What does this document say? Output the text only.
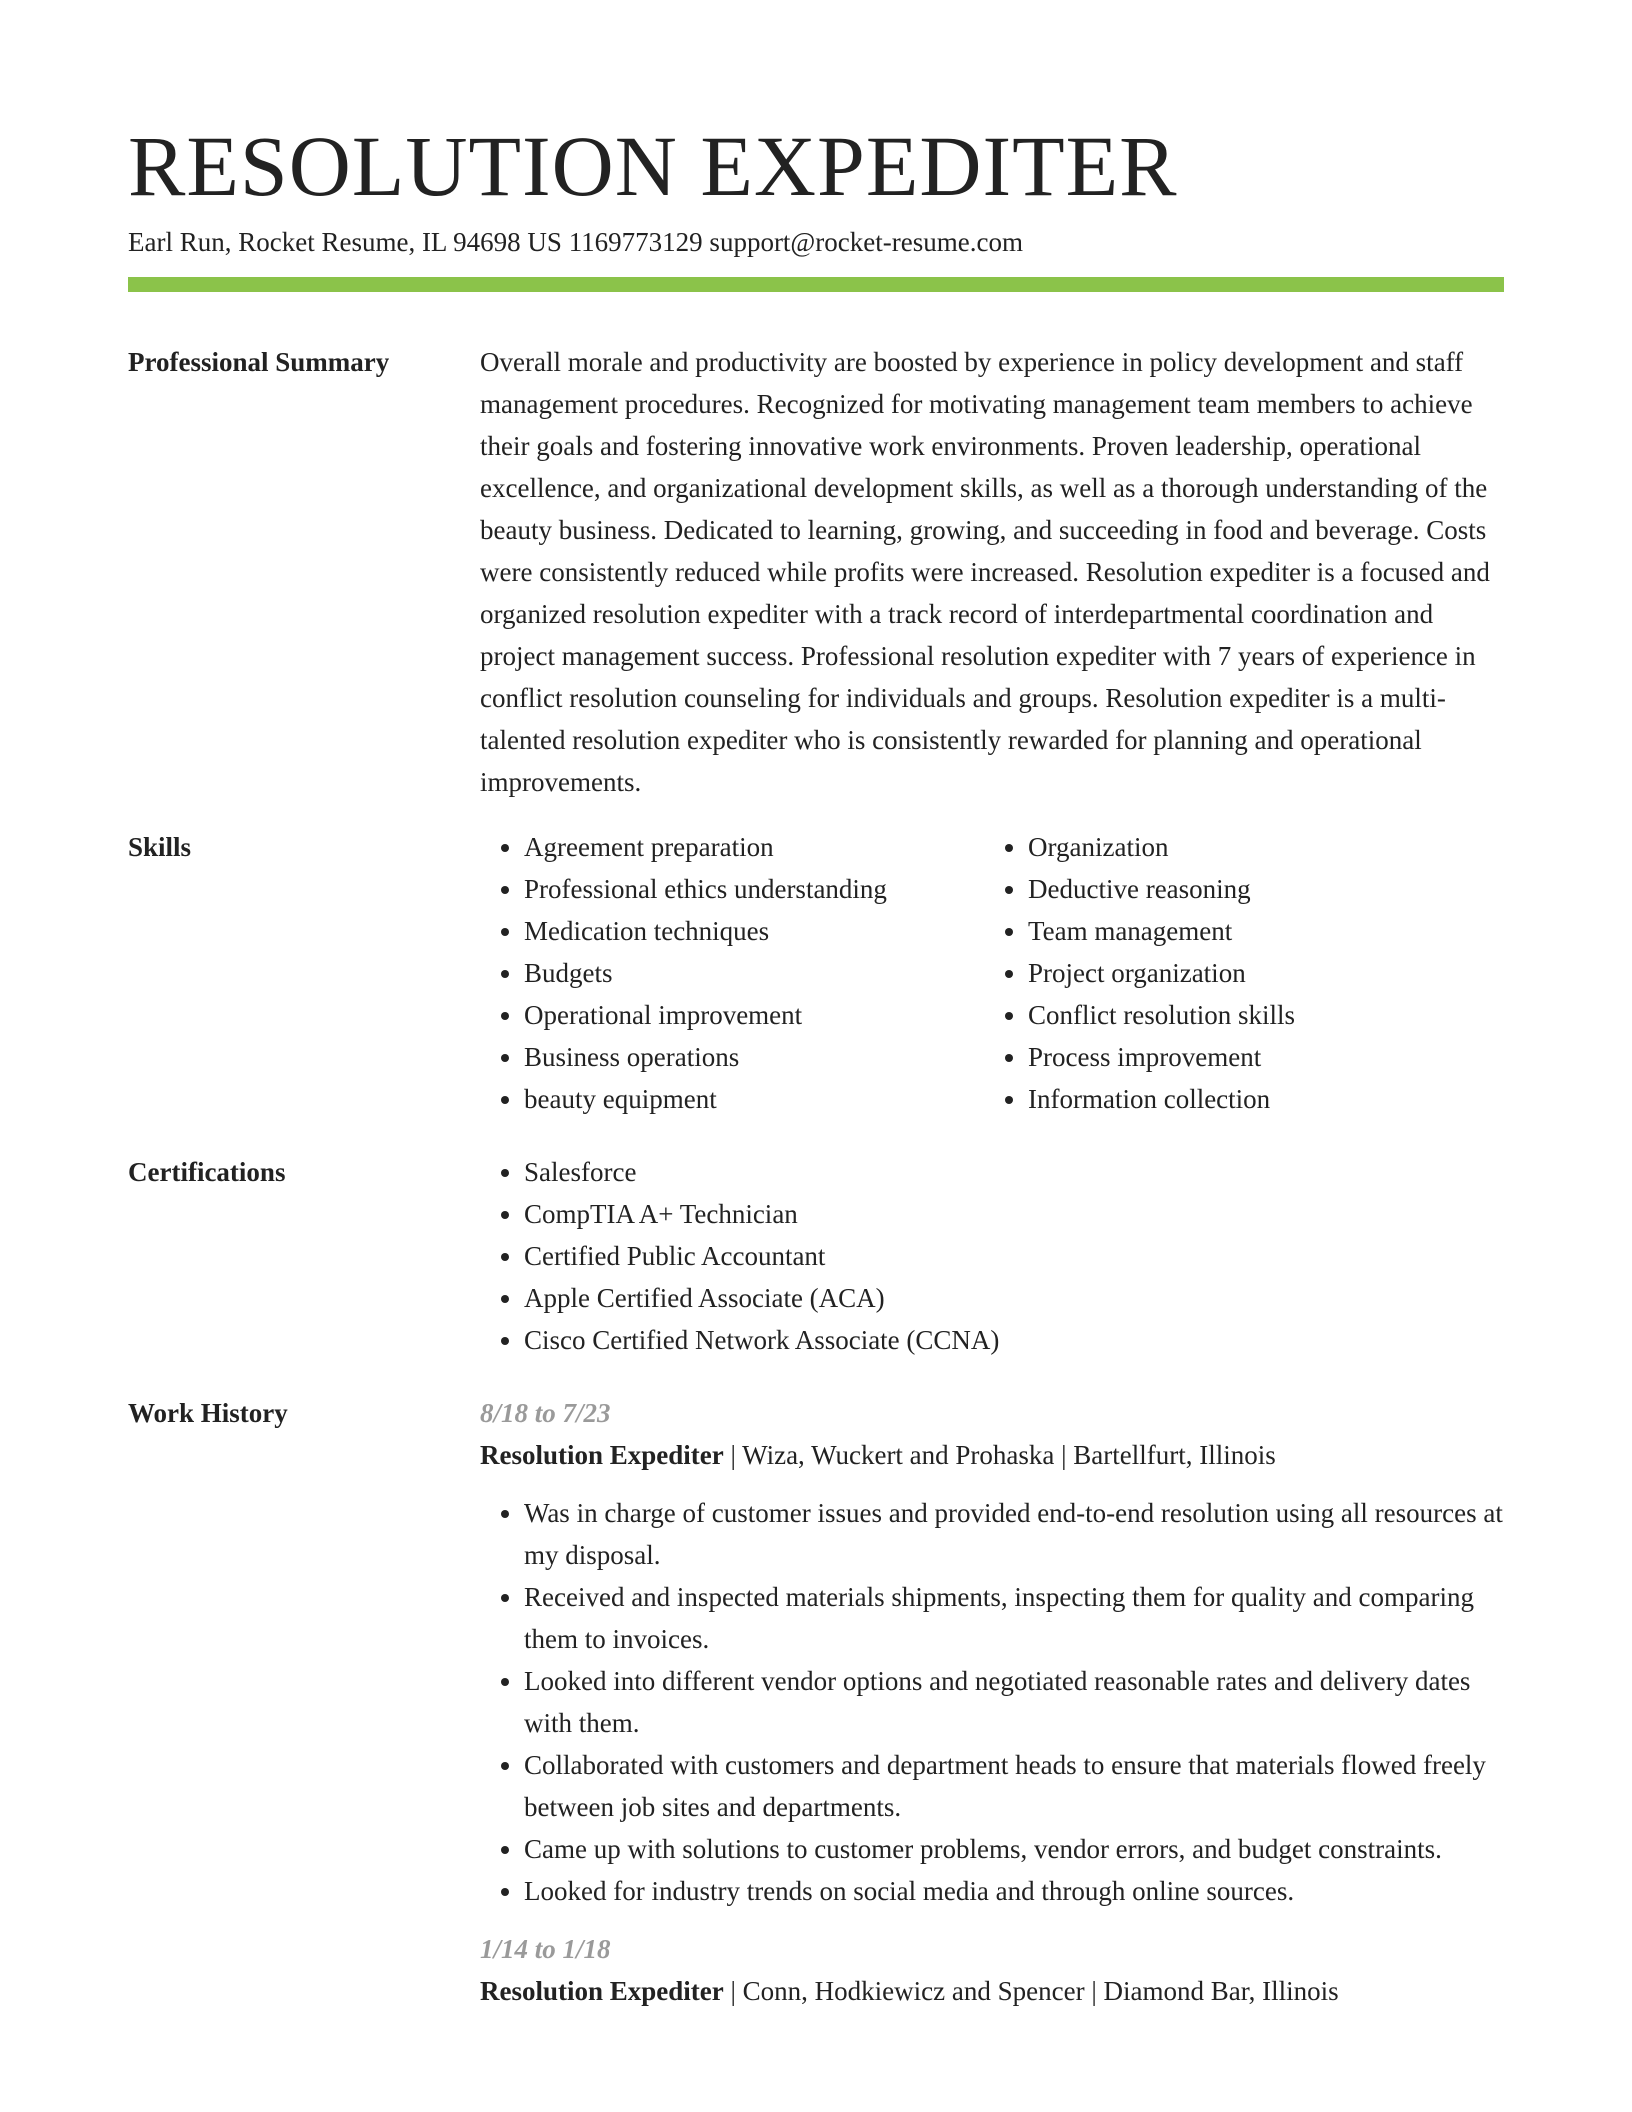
RESOLUTION EXPEDITER
Earl Run, Rocket Resume, IL 94698 US 1169773129 support@rocket-resume.com
Professional Summary	Overall morale and productivity are boosted by experience in policy development and staff management procedures. Recognized for motivating management team members to achieve their goals and fostering innovative work environments. Proven leadership, operational excellence, and organizational development skills, as well as a thorough understanding of the beauty business. Dedicated to learning, growing, and succeeding in food and beverage. Costs were consistently reduced while profits were increased. Resolution expediter is a focused and organized resolution expediter with a track record of interdepartmental coordination and project management success. Professional resolution expediter with 7 years of experience in conflict resolution counseling for individuals and groups. Resolution expediter is a multi-talented resolution expediter who is consistently rewarded for planning and operational improvements.

Skills	• Agreement preparation
• Professional ethics understanding
• Medication techniques
• Budgets
• Operational improvement
• Business operations
• beauty equipment
• Organization
• Deductive reasoning
• Team management
• Project organization
• Conflict resolution skills
• Process improvement
• Information collection
Certifications	• Salesforce
• CompTIA A+ Technician
• Certified Public Accountant
• Apple Certified Associate (ACA)
• Cisco Certified Network Associate (CCNA)
Work History	8/18 to 7/23
Resolution Expediter | Wiza, Wuckert and Prohaska | Bartellfurt, Illinois
• Was in charge of customer issues and provided end-to-end resolution using all resources at my disposal.
• Received and inspected materials shipments, inspecting them for quality and comparing them to invoices.
• Looked into different vendor options and negotiated reasonable rates and delivery dates with them.
• Collaborated with customers and department heads to ensure that materials flowed freely between job sites and departments.
• Came up with solutions to customer problems, vendor errors, and budget constraints.
• Looked for industry trends on social media and through online sources.
1/14 to 1/18
Resolution Expediter | Conn, Hodkiewicz and Spencer | Diamond Bar, Illinois
